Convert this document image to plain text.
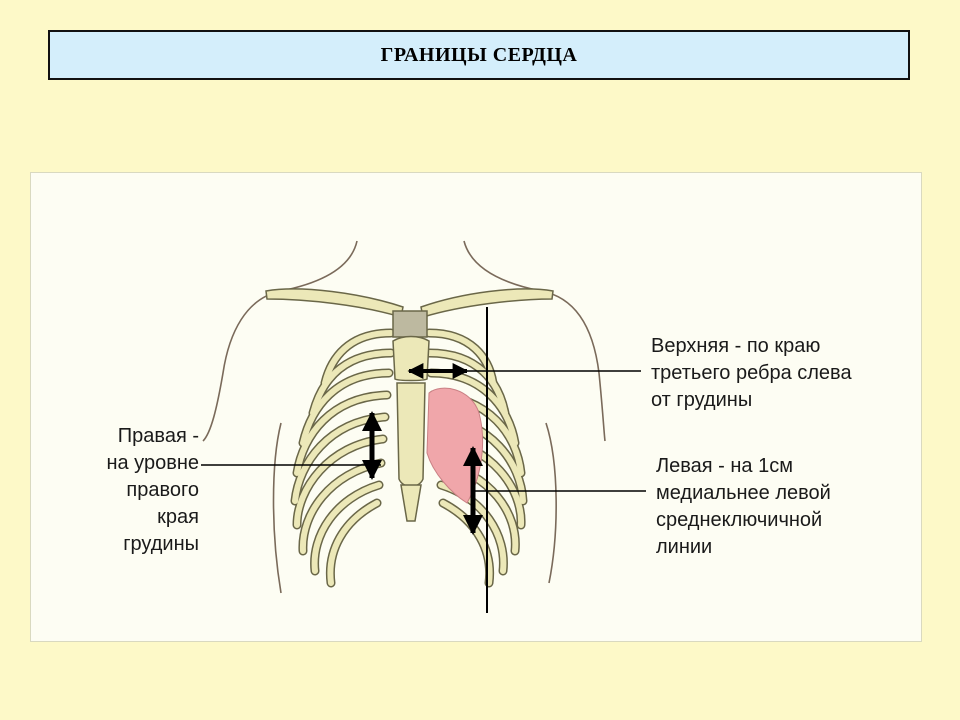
ГРАНИЦЫ СЕРДЦА
Правая -
на уровне
правого
края
грудины
Верхняя - по краю
третьего ребра слева
от грудины
Левая - на 1см
медиальнее левой
среднеключичной
линии
